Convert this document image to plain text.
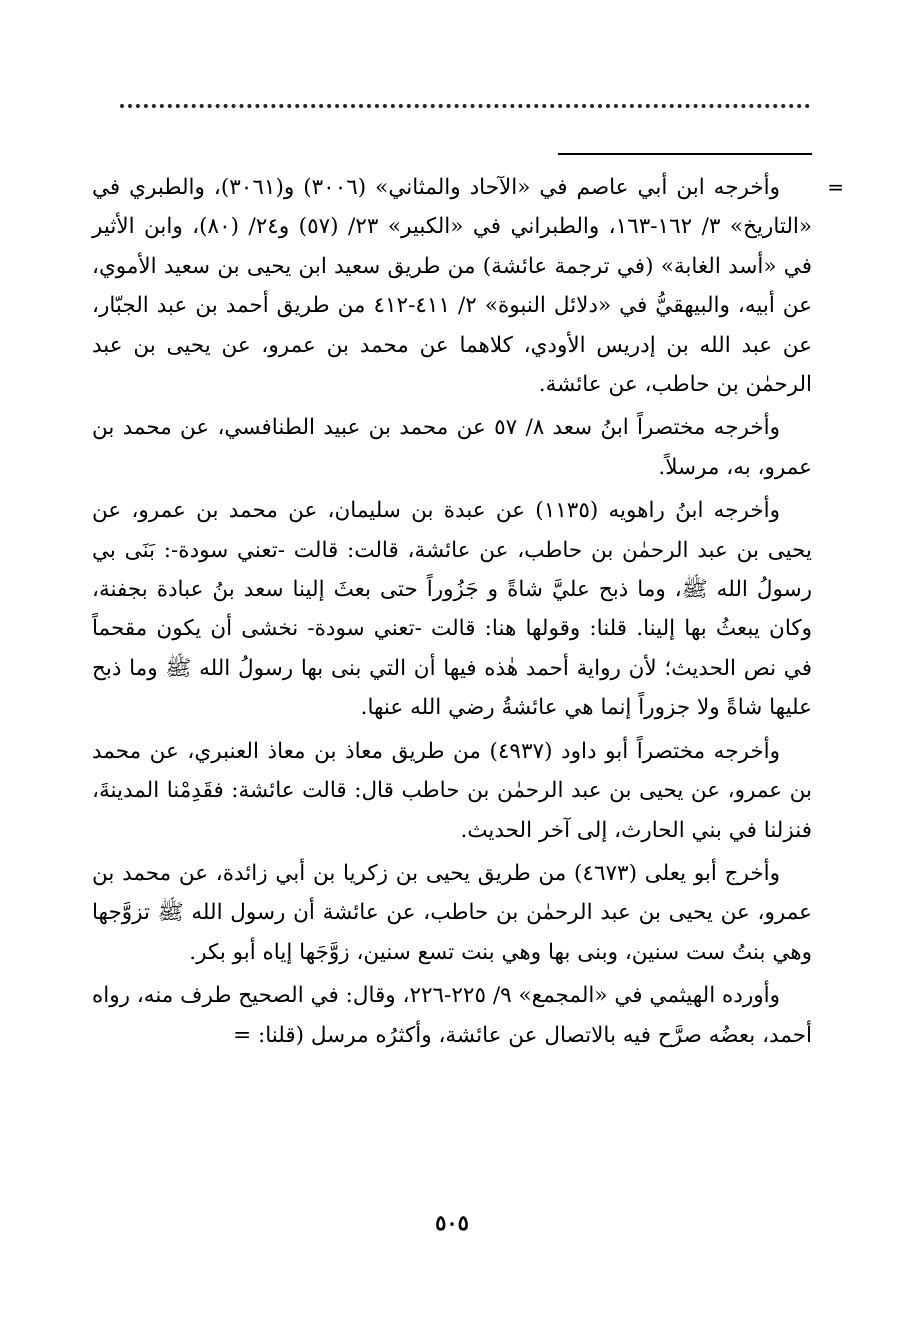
=
وأخرجه ابن أبي عاصم في «الآحاد والمثاني» (٣٠٠٦) و(٣٠٦١)، والطبري في «التاريخ» ٣/ ١٦٢-١٦٣، والطبراني في «الكبير» ٢٣/ (٥٧) و٢٤/ (٨٠)، وابن الأثير في «أسد الغابة» (في ترجمة عائشة) من طريق سعيد ابن يحيى بن سعيد الأموي، عن أبيه، والبيهقيُّ في «دلائل النبوة» ٢/ ٤١١-٤١٢ من طريق أحمد بن عبد الجبّار، عن عبد الله بن إدريس الأودي، كلاهما عن محمد بن عمرو، عن يحيى بن عبد الرحمٰن بن حاطب، عن عائشة.

وأخرجه مختصراً ابنُ سعد ٨/ ٥٧ عن محمد بن عبيد الطنافسي، عن محمد بن عمرو، به، مرسلاً.

وأخرجه ابنُ راهويه (١١٣٥) عن عبدة بن سليمان، عن محمد بن عمرو، عن يحيى بن عبد الرحمٰن بن حاطب، عن عائشة، قالت: قالت -تعني سودة-: بَنَى بي رسولُ الله ﷺ، وما ذبح عليَّ شاةً و جَزُوراً حتى بعثَ إلينا سعد بنُ عبادة بجفنة، وكان يبعثُ بها إلينا. قلنا: وقولها هنا: قالت -تعني سودة- نخشى أن يكون مقحماً في نص الحديث؛ لأن رواية أحمد هٰذه فيها أن التي بنى بها رسولُ الله ﷺ وما ذبح عليها شاةً ولا جزوراً إنما هي عائشةُ رضي الله عنها.

وأخرجه مختصراً أبو داود (٤٩٣٧) من طريق معاذ بن معاذ العنبري، عن محمد بن عمرو، عن يحيى بن عبد الرحمٰن بن حاطب قال: قالت عائشة: فقَدِمْنا المدينةَ، فنزلنا في بني الحارث، إلى آخر الحديث.

وأخرج أبو يعلى (٤٦٧٣) من طريق يحيى بن زكريا بن أبي زائدة، عن محمد بن عمرو، عن يحيى بن عبد الرحمٰن بن حاطب، عن عائشة أن رسول الله ﷺ تزوَّجها وهي بنتُ ست سنين، وبنى بها وهي بنت تسع سنين، زوَّجَها إياه أبو بكر.

وأورده الهيثمي في «المجمع» ٩/ ٢٢٥-٢٢٦، وقال: في الصحيح طرف منه، رواه أحمد، بعضُه صرَّح فيه بالاتصال عن عائشة، وأكثرُه مرسل (قلنا: =

٥٠٥
